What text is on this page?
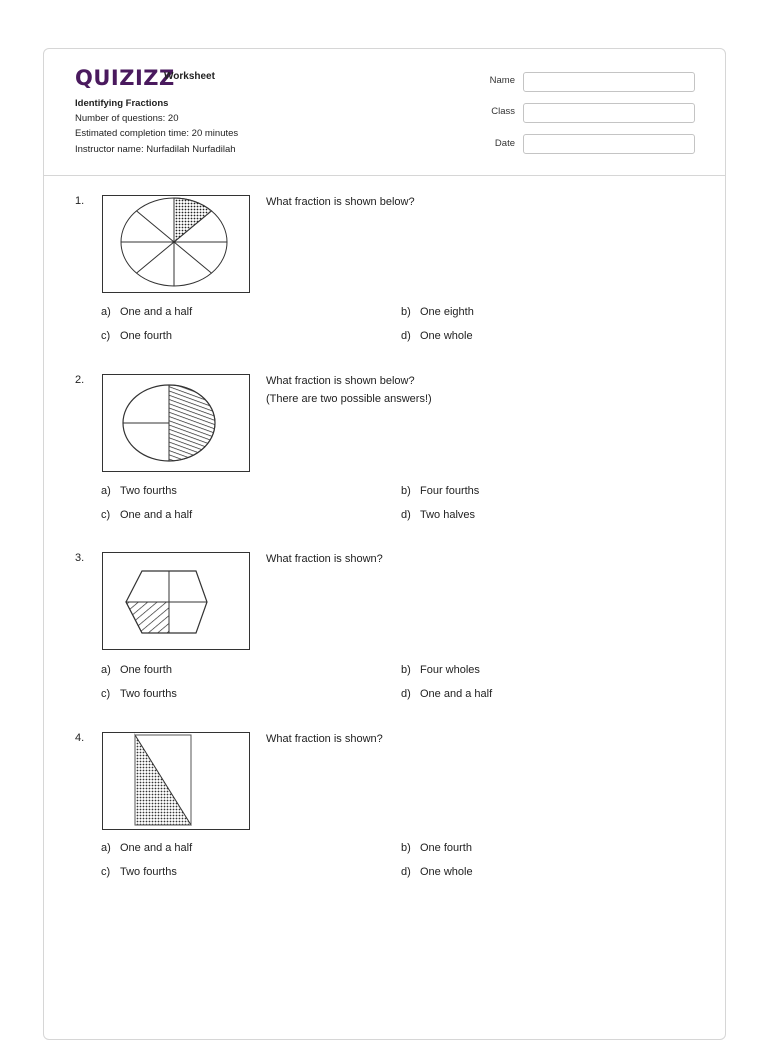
QUIZIZZ
Worksheet
Identifying Fractions
Number of questions: 20
Estimated completion time: 20 minutes
Instructor name: Nurfadilah Nurfadilah
Name
Class
Date
1.	What fraction is shown below?
a) One and a half	b) One eighth
c) One fourth	d) One whole
2.	What fraction is shown below?
(There are two possible answers!)
a) Two fourths	b) Four fourths
c) One and a half	d) Two halves
3.	What fraction is shown?
a) One fourth	b) Four wholes
c) Two fourths	d) One and a half
4.	What fraction is shown?
a) One and a half	b) One fourth
c) Two fourths	d) One whole
